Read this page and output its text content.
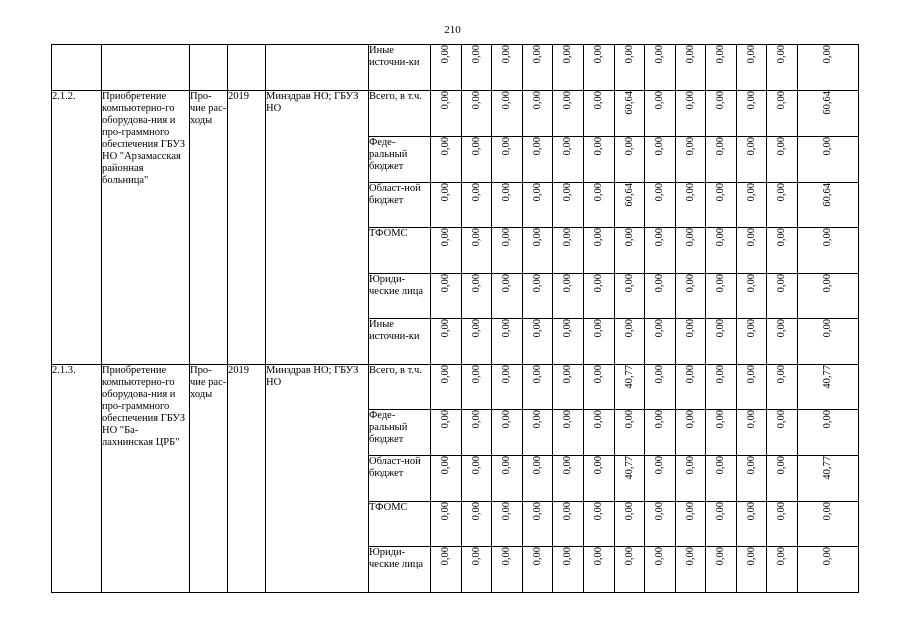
210
					Иные источни-ки	0,00	0,00	0,00	0,00	0,00	0,00	0,00	0,00	0,00	0,00	0,00	0,00	0,00
2.1.2.	Приобретение компьютерно-го оборудова-ния и про-граммного обеспечения ГБУЗ НО "Арзамасская районная больница"	Про-чие рас-ходы	2019	Минздрав НО; ГБУЗ НО	Всего, в т.ч.	0,00	0,00	0,00	0,00	0,00	0,00	60,64	0,00	0,00	0,00	0,00	0,00	60,64
					Феде-ральный бюджет	0,00	0,00	0,00	0,00	0,00	0,00	0,00	0,00	0,00	0,00	0,00	0,00	0,00
					Област-ной бюджет	0,00	0,00	0,00	0,00	0,00	0,00	60,64	0,00	0,00	0,00	0,00	0,00	60,64
					ТФОМС	0,00	0,00	0,00	0,00	0,00	0,00	0,00	0,00	0,00	0,00	0,00	0,00	0,00
					Юриди-ческие лица	0,00	0,00	0,00	0,00	0,00	0,00	0,00	0,00	0,00	0,00	0,00	0,00	0,00
					Иные источни-ки	0,00	0,00	0,00	0,00	0,00	0,00	0,00	0,00	0,00	0,00	0,00	0,00	0,00
2.1.3.	Приобретение компьютерно-го оборудова-ния и про-граммного обеспечения ГБУЗ НО "Ба-лахнинская ЦРБ"	Про-чие рас-ходы	2019	Минздрав НО; ГБУЗ НО	Всего, в т.ч.	0,00	0,00	0,00	0,00	0,00	0,00	40,77	0,00	0,00	0,00	0,00	0,00	40,77
					Феде-ральный бюджет	0,00	0,00	0,00	0,00	0,00	0,00	0,00	0,00	0,00	0,00	0,00	0,00	0,00
					Област-ной бюджет	0,00	0,00	0,00	0,00	0,00	0,00	40,77	0,00	0,00	0,00	0,00	0,00	40,77
					ТФОМС	0,00	0,00	0,00	0,00	0,00	0,00	0,00	0,00	0,00	0,00	0,00	0,00	0,00
					Юриди-ческие лица	0,00	0,00	0,00	0,00	0,00	0,00	0,00	0,00	0,00	0,00	0,00	0,00	0,00
